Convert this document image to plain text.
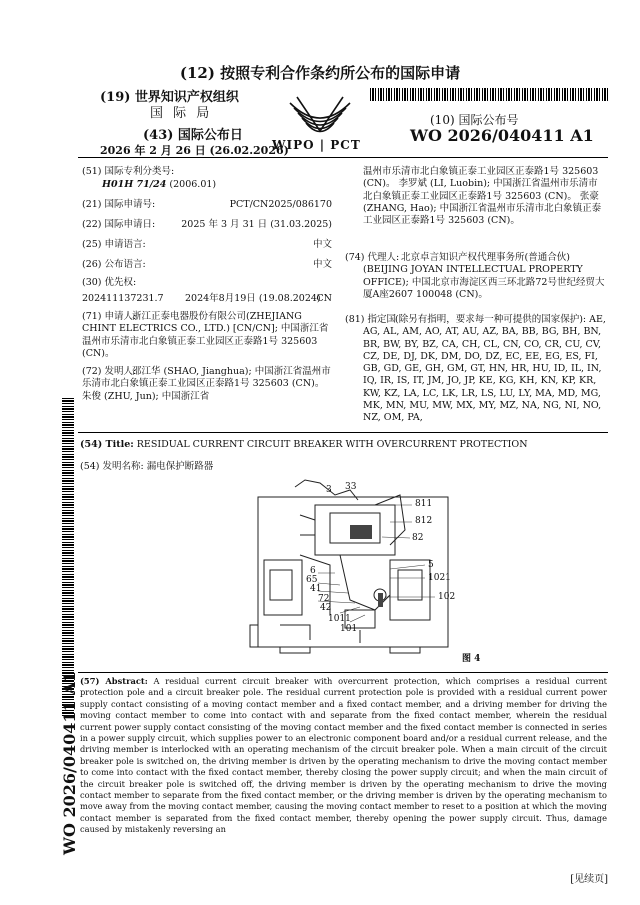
(12) 按照专利合作条约所公布的国际申请
(19) 世界知识产权组织
国 际 局
(43) 国际公布日
2026 年 2 月 26 日 (26.02.2026)
(10) 国际公布号
WO 2026/040411 A1
WIPO | PCT
WO 2026/040411 A1
(51) 国际专利分类号:
H01H 71/24 (2006.01)
(21) 国际申请号:	PCT/CN2025/086170
(22) 国际申请日:	2025 年 3 月 31 日 (31.03.2025)
(25) 申请语言:	中文
(26) 公布语言:	中文
(30) 优先权:
202411137231.7 2024年8月19日 (19.08.2024)
CN
(71) 申请人:
浙江正泰电器股份有限公司(ZHEJIANG CHINT ELECTRICS CO., LTD.) [CN/CN]; 中国浙江省温州市乐清市北白象镇正泰工业园区正泰路1号 325603 (CN)。
(72) 发明人:
邵江华 (SHAO, Jianghua); 中国浙江省温州市乐清市北白象镇正泰工业园区正泰路1号 325603 (CN)。 朱俊 (ZHU, Jun); 中国浙江省
温州市乐清市北白象镇正泰工业园区正泰路1号 325603 (CN)。 李罗斌 (LI, Luobin); 中国浙江省温州市乐清市北白象镇正泰工业园区正泰路1号 325603 (CN)。 张豪 (ZHANG, Hao); 中国浙江省温州市乐清市北白象镇正泰工业园区正泰路1号 325603 (CN)。
(74) 代理人: 北京卓言知识产权代理事务所(普通合伙) (BEIJING JOYAN INTELLECTUAL PROPERTY OFFICE); 中国北京市海淀区西三环北路72号世纪经贸大厦A座2607 100048 (CN)。
(81) 指定国
(除另有指明，要求每一种可提供的国家保护): AE, AG, AL, AM, AO, AT, AU, AZ, BA, BB, BG, BH, BN, BR, BW, BY, BZ, CA, CH, CL, CN, CO, CR, CU, CV, CZ, DE, DJ, DK, DM, DO, DZ, EC, EE, EG, ES, FI, GB, GD, GE, GH, GM, GT, HN, HR, HU, ID, IL, IN, IQ, IR, IS, IT, JM, JO, JP, KE, KG, KH, KN, KP, KR, KW, KZ, LA, LC, LK, LR, LS, LU, LY, MA, MD, MG, MK, MN, MU, MW, MX, MY, MZ, NA, NG, NI, NO, NZ, OM, PA,
(54) Title: RESIDUAL CURRENT CIRCUIT BREAKER WITH OVERCURRENT PROTECTION
(54) 发明名称: 漏电保护断路器
3 33
811
812
82
6
65
41
72
42
1011
101
5
1021
102
图 4
(57) Abstract: A residual current circuit breaker with overcurrent protection, which comprises a residual current protection pole and a circuit breaker pole. The residual current protection pole is provided with a residual current power supply contact consisting of a moving contact member and a fixed contact member, and a driving member for driving the moving contact member to come into contact with and separate from the fixed contact member, wherein the residual current power supply contact consisting of the moving contact member and the fixed contact member is connected in series in a power supply circuit, which supplies power to an electronic component board and/or a residual current release, and the driving member is interlocked with an operating mechanism of the circuit breaker pole. When a main circuit of the circuit breaker pole is switched on, the driving member is driven by the operating mechanism to drive the moving contact member to come into contact with the fixed contact member, thereby closing the power supply circuit; and when the main circuit of the circuit breaker pole is switched off, the driving member is driven by the operating mechanism to drive the moving contact member to separate from the fixed contact member, or the driving member is driven by the operating mechanism to move away from the moving contact member, causing the moving contact member to reset to a position at which the moving contact member is separated from the fixed contact member, thereby opening the power supply circuit. Thus, damage caused by mistakenly reversing an
[见续页]
